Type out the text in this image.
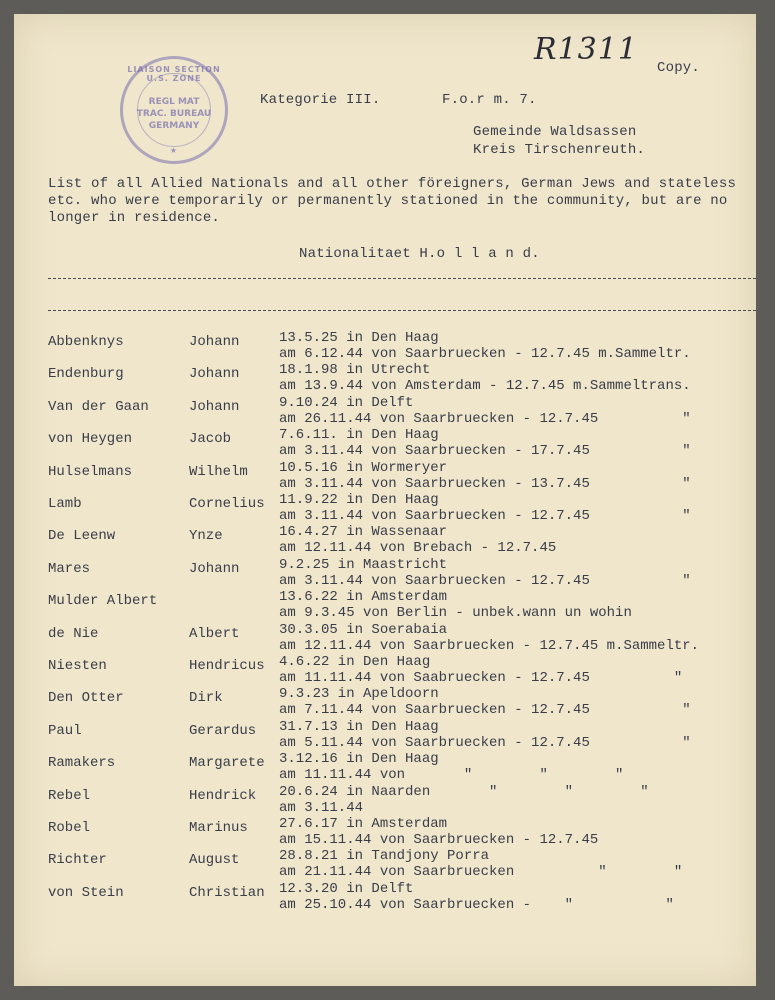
R1311
LIAISON SECTION U.S. ZONE
REGL MAT
TRAC. BUREAU
GERMANY
★
Copy.
Kategorie III.	F.o.r m. 7.
Gemeinde Waldsassen
Kreis Tirschenreuth.
List of all Allied Nationals and all other föreigners, German Jews and stateless etc. who were temporarily or permanently stationed in the community, but are no longer in residence.
Nationalitaet H.o l l a n d.
Abbenknys	Johann	13.5.25 in Den Haag
am 6.12.44 von Saarbruecken - 12.7.45 m.Sammeltr.
Endenburg	Johann	18.1.98 in Utrecht
am 13.9.44 von Amsterdam - 12.7.45 m.Sammeltrans.
Van der Gaan	Johann	9.10.24 in Delft
am 26.11.44 von Saarbruecken - 12.7.45          "
von Heygen	Jacob	7.6.11. in Den Haag
am 3.11.44 von Saarbruecken - 17.7.45           "
Hulselmans	Wilhelm 10.5.16 in Wormeryer
am 3.11.44 von Saarbruecken - 13.7.45           "
Lamb	Cornelius 11.9.22 in Den Haag
am 3.11.44 von Saarbruecken - 12.7.45           "
De Leenw	Ynze	16.4.27 in Wassenaar
am 12.11.44 von Brebach - 12.7.45
Mares	Johann	9.2.25 in Maastricht
am 3.11.44 von Saarbruecken - 12.7.45           "
Mulder Albert	13.6.22 in Amsterdam
am 9.3.45 von Berlin - unbek.wann un wohin
de Nie	Albert	30.3.05 in Soerabaia
am 12.11.44 von Saarbruecken - 12.7.45 m.Sammeltr.
Niesten	Hendricus 4.6.22 in Den Haag
am 11.11.44 von Saabruecken - 12.7.45          "
Den Otter	Dirk	9.3.23 in Apeldoorn
am 7.11.44 von Saarbruecken - 12.7.45           "
Paul	Gerardus 31.7.13 in Den Haag
am 5.11.44 von Saarbruecken - 12.7.45           "
Ramakers	Margarete 3.12.16 in Den Haag
am 11.11.44 von       "        "        "
Rebel	Hendrick 20.6.24 in Naarden       "        "        "
am 3.11.44
Robel	Marinus 27.6.17 in Amsterdam
am 15.11.44 von Saarbruecken - 12.7.45
Richter	August	28.8.21 in Tandjony Porra
am 21.11.44 von Saarbruecken          "        "
von Stein	Christian 12.3.20 in Delft
am 25.10.44 von Saarbruecken -    "           "
